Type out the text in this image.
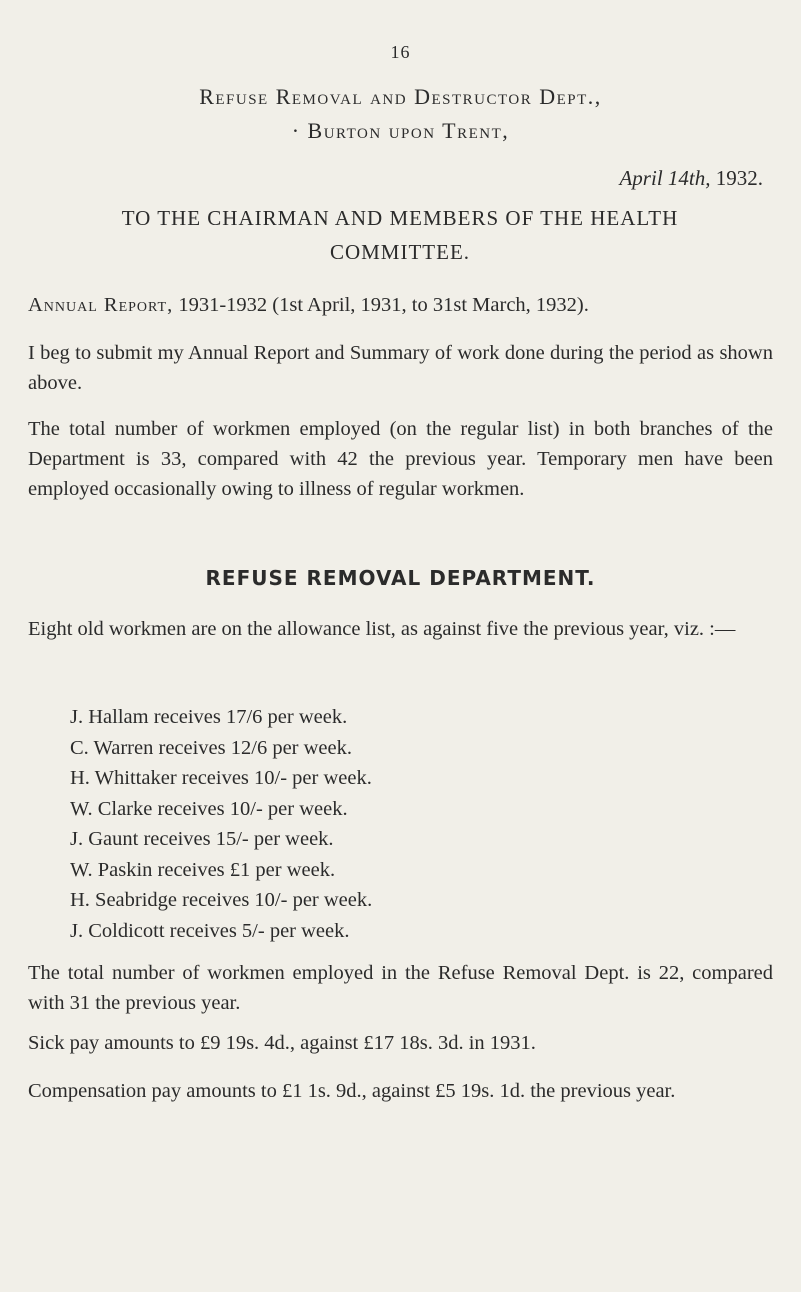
16
Refuse Removal and Destructor Dept.,
· Burton upon Trent,
April 14th, 1932.
TO THE CHAIRMAN AND MEMBERS OF THE HEALTH
COMMITTEE.
Annual Report, 1931-1932 (1st April, 1931, to 31st March, 1932).
I beg to submit my Annual Report and Summary of work done during the period as shown above.
The total number of workmen employed (on the regular list) in both branches of the Department is 33, compared with 42 the previous year. Temporary men have been employed occasionally owing to illness of regular workmen.
REFUSE REMOVAL DEPARTMENT.
Eight old workmen are on the allowance list, as against five the previous year, viz. :—
J. Hallam receives 17/6 per week.
C. Warren receives 12/6 per week.
H. Whittaker receives 10/- per week.
W. Clarke receives 10/- per week.
J. Gaunt receives 15/- per week.
W. Paskin receives £1 per week.
H. Seabridge receives 10/- per week.
J. Coldicott receives 5/- per week.
The total number of workmen employed in the Refuse Removal Dept. is 22, compared with 31 the previous year.
Sick pay amounts to £9 19s. 4d., against £17 18s. 3d. in 1931.
Compensation pay amounts to £1 1s. 9d., against £5 19s. 1d. the previous year.
